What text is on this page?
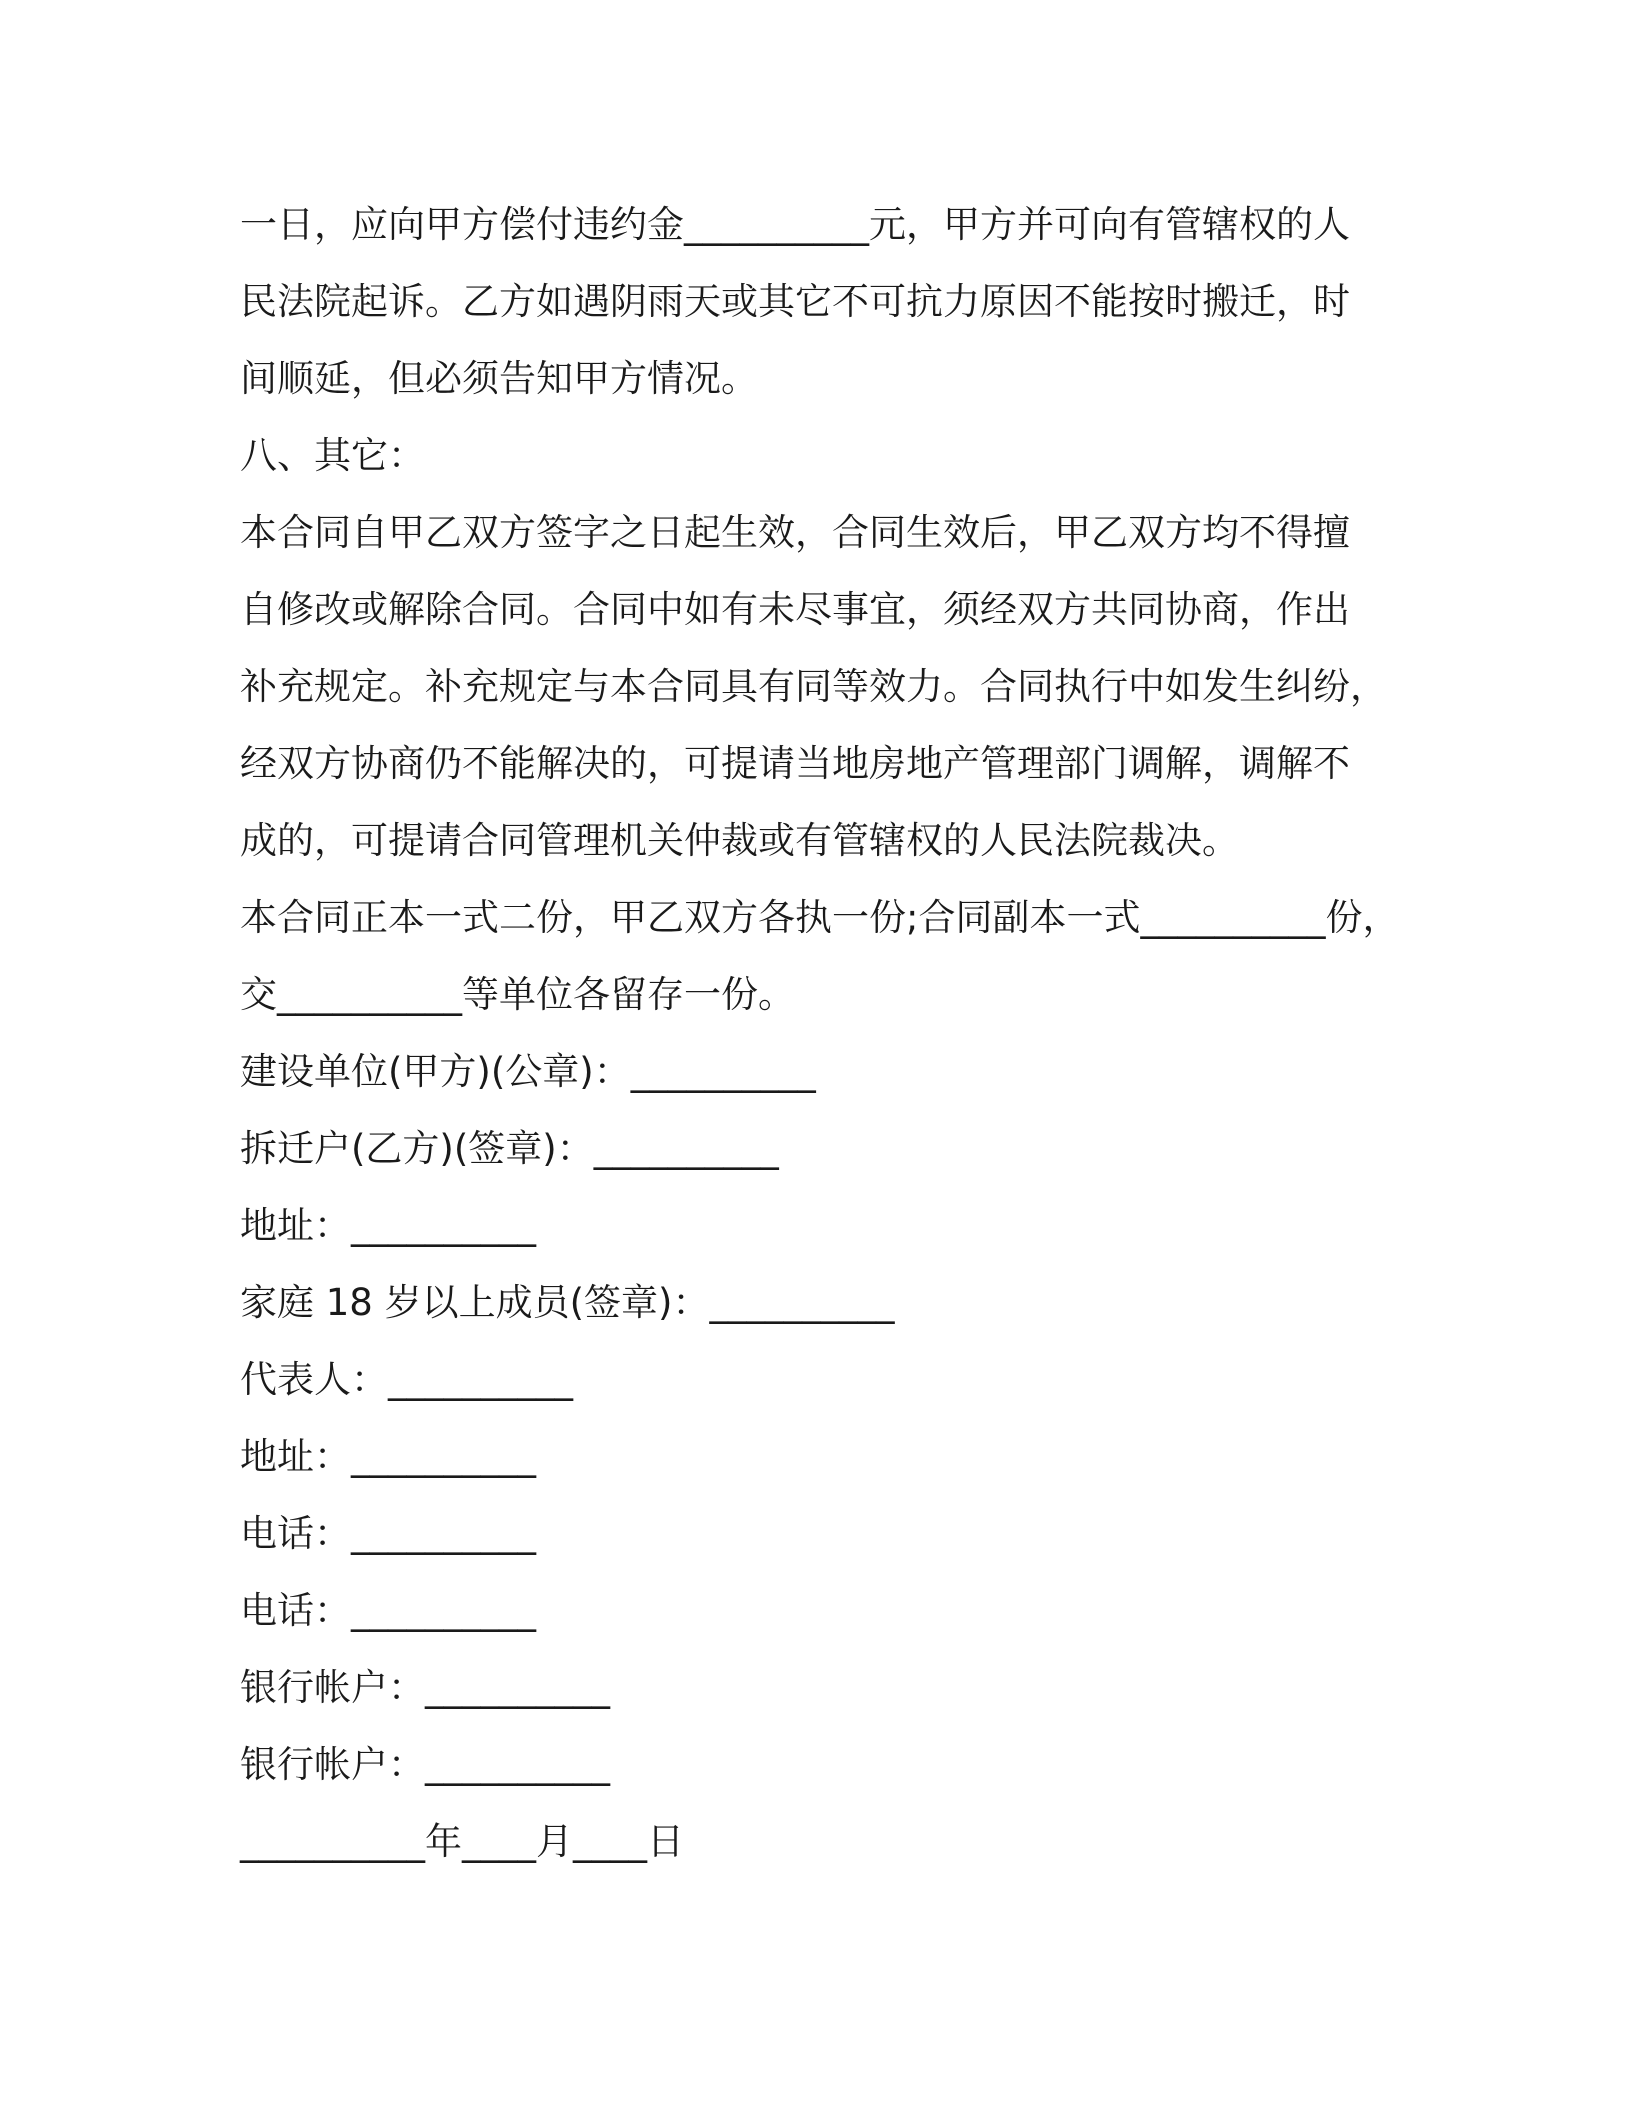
一日，应向甲方偿付违约金__________元，甲方并可向有管辖权的人
民法院起诉。乙方如遇阴雨天或其它不可抗力原因不能按时搬迁，时
间顺延，但必须告知甲方情况。
八、其它：
本合同自甲乙双方签字之日起生效，合同生效后，甲乙双方均不得擅
自修改或解除合同。合同中如有未尽事宜，须经双方共同协商，作出
补充规定。补充规定与本合同具有同等效力。合同执行中如发生纠纷，
经双方协商仍不能解决的，可提请当地房地产管理部门调解，调解不
成的，可提请合同管理机关仲裁或有管辖权的人民法院裁决。
本合同正本一式二份，甲乙双方各执一份;合同副本一式__________份，
交__________等单位各留存一份。
建设单位(甲方)(公章)：__________
拆迁户(乙方)(签章)：__________
地址：__________
家庭 18 岁以上成员(签章)：__________
代表人：__________
地址：__________
电话：__________
电话：__________
银行帐户：__________
银行帐户：__________
__________年____月____日
